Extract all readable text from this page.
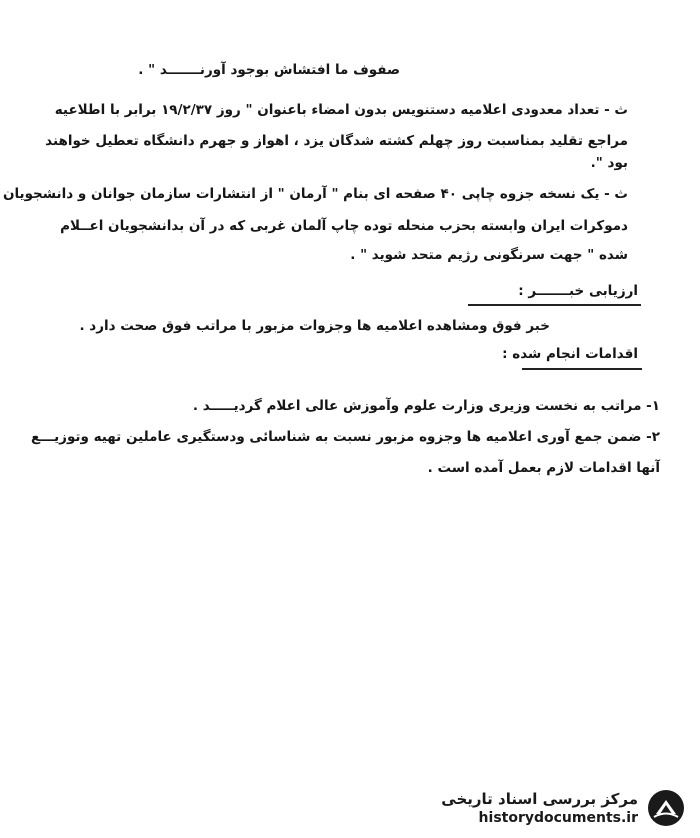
صفوف ما افتشاش بوجود آورنـــــــد " .
ث - تعداد معدودی اعلامیه دستنویس بدون امضاء باعنوان " روز ۱۹/۲/۳۷ برابر با اطلاعیه
مراجع تقلید بمناسبت روز چهلم کشته شدگان یزد ، اهواز و جهرم دانشگاه تعطیل خواهند
بود ".
ث - یک نسخه جزوه چاپی ۴۰ صفحه ای بنام " آرمان " از انتشارات سازمان جوانان و دانشجویان
دموکرات ایران وابسته بحزب منحله توده چاپ آلمان غربی که در آن بدانشجویان اعــلام
شده " جهت سرنگونی رژیم متحد شوید " .
ارزیابی خبـــــــر :
خبر فوق ومشاهده اعلامیه ها وجزوات مزبور با مراتب فوق صحت دارد .
اقدامات انجام شده :
۱- مراتب به نخست وزیری وزارت علوم وآموزش عالی اعلام گردیـــــد .
۲- ضمن جمع آوری اعلامیه ها وجزوه مزبور نسبت به شناسائی ودستگیری عاملین تهیه وتوزیـــع
آنها اقدامات لازم بعمل آمده است .
مرکز بررسی اسناد تاریخی
historydocuments.ir
